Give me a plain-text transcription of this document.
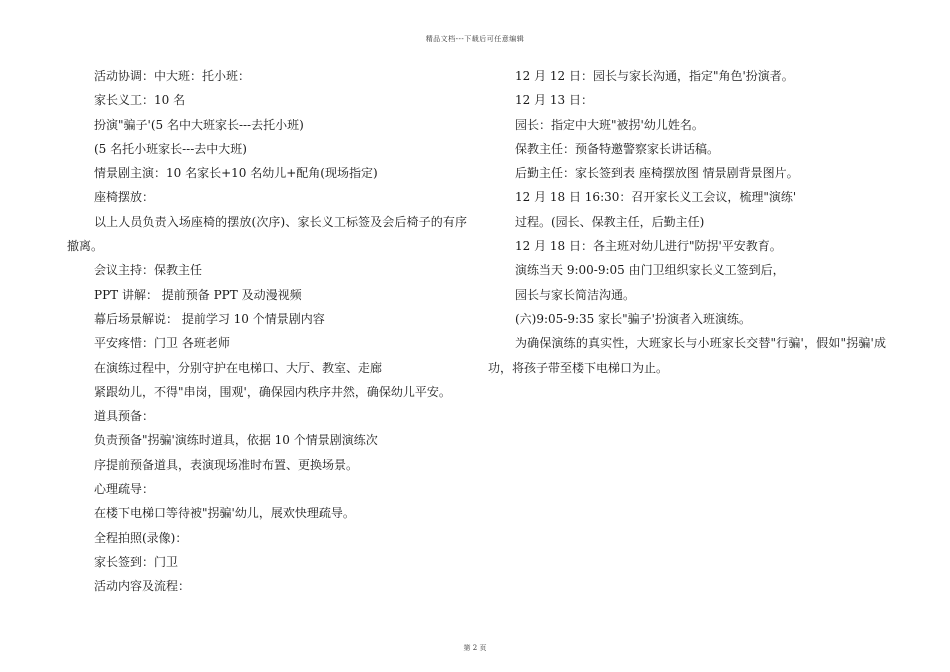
精品文档---下载后可任意编辑

活动协调：中大班：托小班：

家长义工：10 名

扮演"骗子'(5 名中大班家长---去托小班)

(5 名托小班家长---去中大班)

情景剧主演：10 名家长+10 名幼儿+配角(现场指定)

座椅摆放：

以上人员负责入场座椅的摆放(次序)、家长义工标签及会后椅子的有序撤离。

会议主持：保教主任

PPT 讲解： 提前预备 PPT 及动漫视频

幕后场景解说： 提前学习 10 个情景剧内容

平安疼惜：门卫 各班老师

在演练过程中，分别守护在电梯口、大厅、教室、走廊

紧跟幼儿，不得"串岗，围观'，确保园内秩序井然，确保幼儿平安。

道具预备：

负责预备"拐骗'演练时道具，依据 10 个情景剧演练次

序提前预备道具，表演现场准时布置、更换场景。

心理疏导：

在楼下电梯口等待被"拐骗'幼儿，展欢快理疏导。

全程拍照(录像)：

家长签到：门卫

活动内容及流程：

12 月 12 日：园长与家长沟通，指定"角色'扮演者。

12 月 13 日：

园长：指定中大班"被拐'幼儿姓名。

保教主任：预备特邀警察家长讲话稿。

后勤主任：家长签到表 座椅摆放图 情景剧背景图片。

12 月 18 日 16:30：召开家长义工会议，梳理"演练'

过程。(园长、保教主任，后勤主任)

12 月 18 日：各主班对幼儿进行"防拐'平安教育。

演练当天 9:00-9:05 由门卫组织家长义工签到后，

园长与家长简洁沟通。

(六)9:05-9:35 家长"骗子'扮演者入班演练。

为确保演练的真实性，大班家长与小班家长交替"行骗'，假如"拐骗'成功，将孩子带至楼下电梯口为止。

第 2 页
